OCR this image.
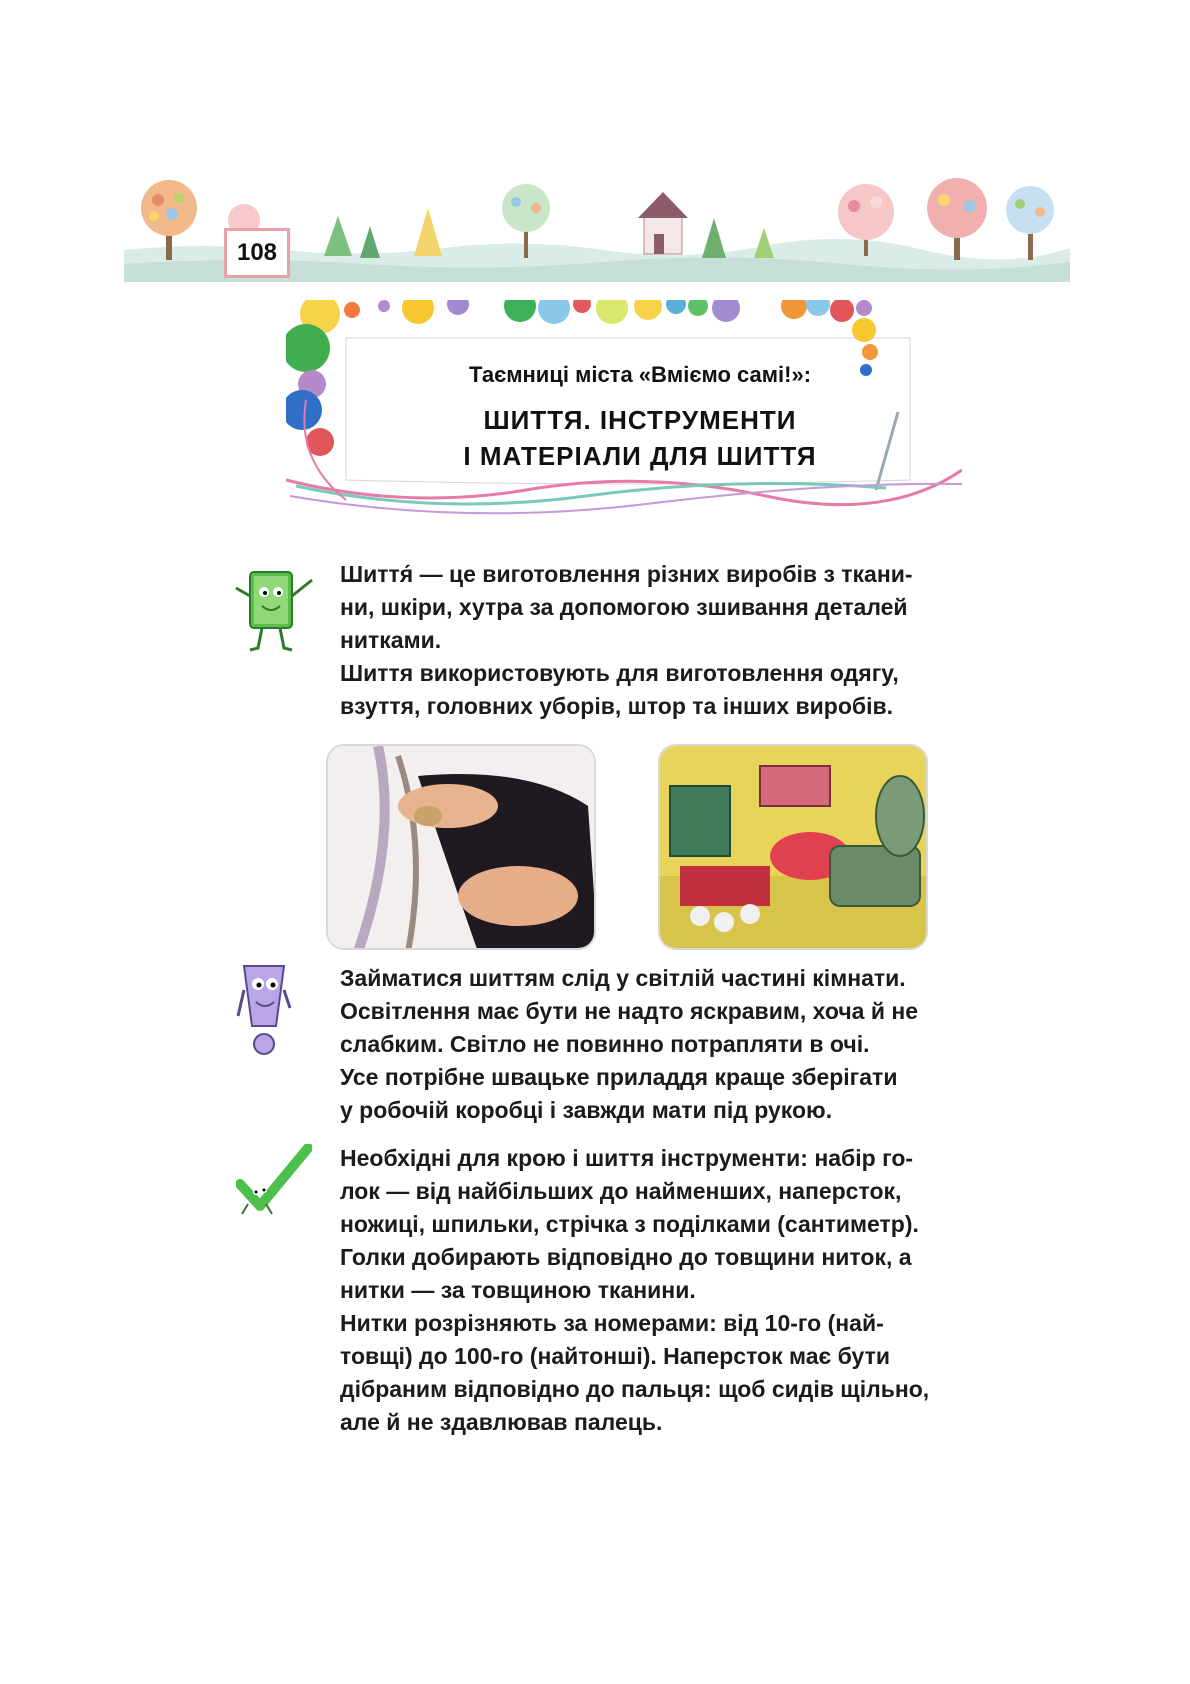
108
Таємниці міста «Вміємо самі!»:
ШИТТЯ. ІНСТРУМЕНТИ
І МАТЕРІАЛИ ДЛЯ ШИТТЯ

Шиття́ — це виготовлення різних виробів з ткани-

ни, шкіри, хутра за допомогою зшивання деталей

нитками.

Шиття використовують для виготовлення одягу,

взуття, головних уборів, штор та інших виробів.

Займатися шиттям слід у світлій частині кімнати.

Освітлення має бути не надто яскравим, хоча й не

слабким. Світло не повинно потрапляти в очі.

Усе потрібне швацьке приладдя краще зберігати

у робочій коробці і завжди мати під рукою.

Необхідні для крою і шиття інструменти: набір го-

лок — від найбільших до найменших, наперсток,

ножиці, шпильки, стрічка з поділками (сантиметр).

Голки добирають відповідно до товщини ниток, а

нитки — за товщиною тканини.

Нитки розрізняють за номерами: від 10-го (най-

товщі) до 100-го (найтонші). Наперсток має бути

дібраним відповідно до пальця: щоб сидів щільно,

але й не здавлював палець.
